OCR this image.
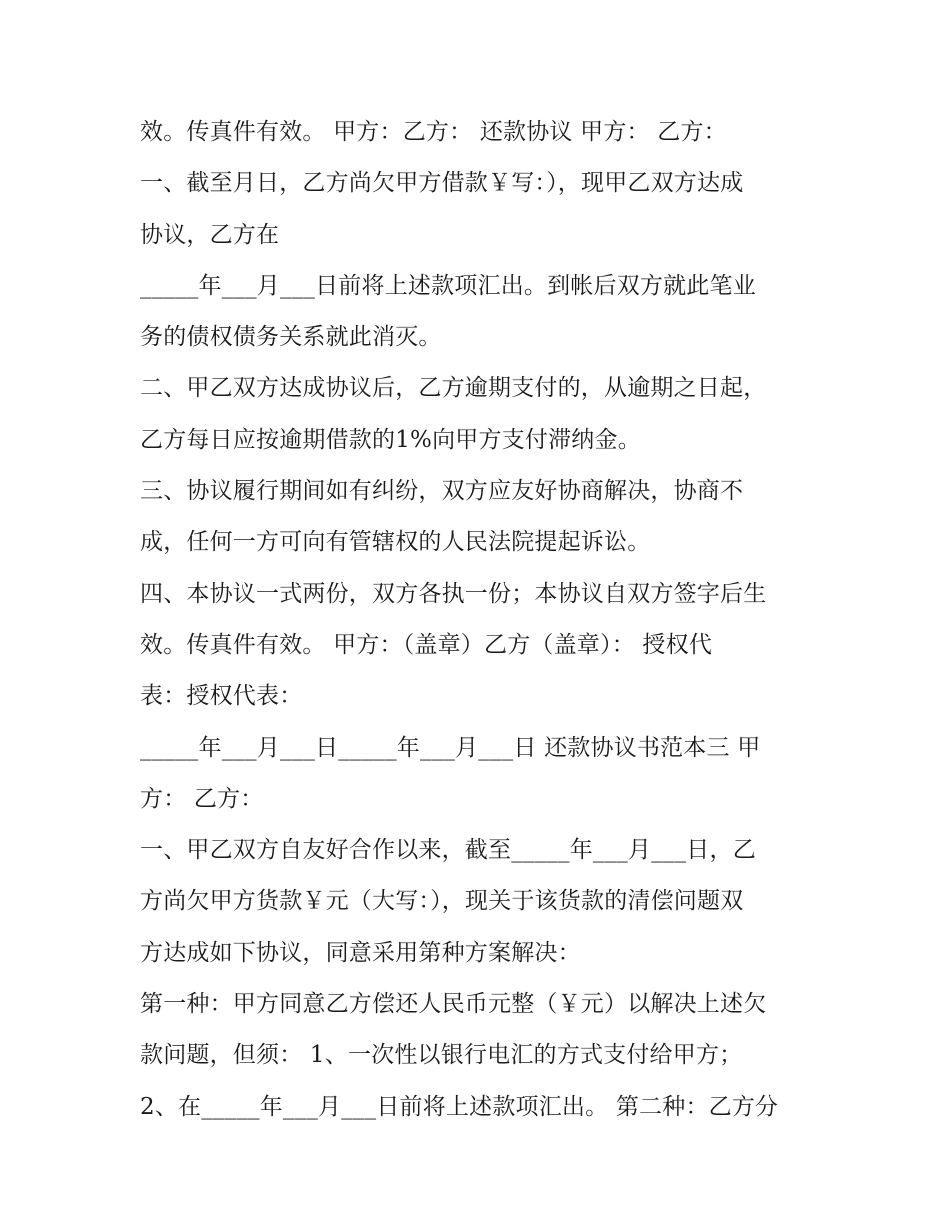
效。传真件有效。 甲方：乙方： 还款协议 甲方： 乙方：
一、截至月日，乙方尚欠甲方借款￥写：），现甲乙双方达成
协议，乙方在
_____年___月___日前将上述款项汇出。到帐后双方就此笔业
务的债权债务关系就此消灭。
二、甲乙双方达成协议后，乙方逾期支付的，从逾期之日起，
乙方每日应按逾期借款的1%向甲方支付滞纳金。
三、协议履行期间如有纠纷，双方应友好协商解决，协商不
成，任何一方可向有管辖权的人民法院提起诉讼。
四、本协议一式两份，双方各执一份；本协议自双方签字后生
效。传真件有效。 甲方：（盖章）乙方（盖章）： 授权代
表：授权代表：
_____年___月___日_____年___月___日 还款协议书范本三 甲
方： 乙方：
一、甲乙双方自友好合作以来，截至_____年___月___日，乙
方尚欠甲方货款￥元（大写：），现关于该货款的清偿问题双
方达成如下协议，同意采用第种方案解决：
第一种：甲方同意乙方偿还人民币元整（￥元）以解决上述欠
款问题，但须： 1、一次性以银行电汇的方式支付给甲方；
2、在_____年___月___日前将上述款项汇出。 第二种：乙方分
